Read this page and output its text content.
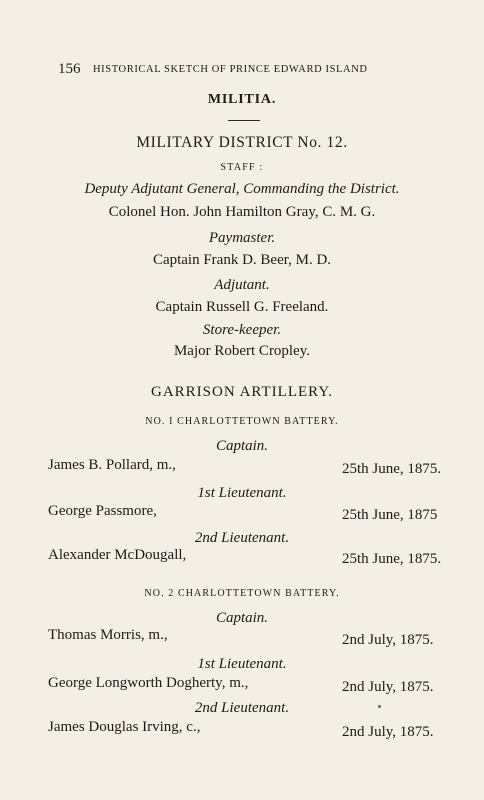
156 HISTORICAL SKETCH OF PRINCE EDWARD ISLAND
MILITIA.
MILITARY DISTRICT No. 12.
STAFF :
Deputy Adjutant General, Commanding the District.
Colonel Hon. John Hamilton Gray, C. M. G.
Paymaster.
Captain Frank D. Beer, M. D.
Adjutant.
Captain Russell G. Freeland.
Store-keeper.
Major Robert Cropley.
GARRISON ARTILLERY.
NO. I CHARLOTTETOWN BATTERY.
Captain.
James B. Pollard, m.,	25th June, 1875.
1st Lieutenant.
George Passmore,	25th June, 1875
2nd Lieutenant.
Alexander McDougall,	25th June, 1875.
NO. 2 CHARLOTTETOWN BATTERY.
Captain.
Thomas Morris, m.,	2nd July, 1875.
1st Lieutenant.
George Longworth Dogherty, m.,	2nd July, 1875.
2nd Lieutenant.
James Douglas Irving, c.,	2nd July, 1875.
